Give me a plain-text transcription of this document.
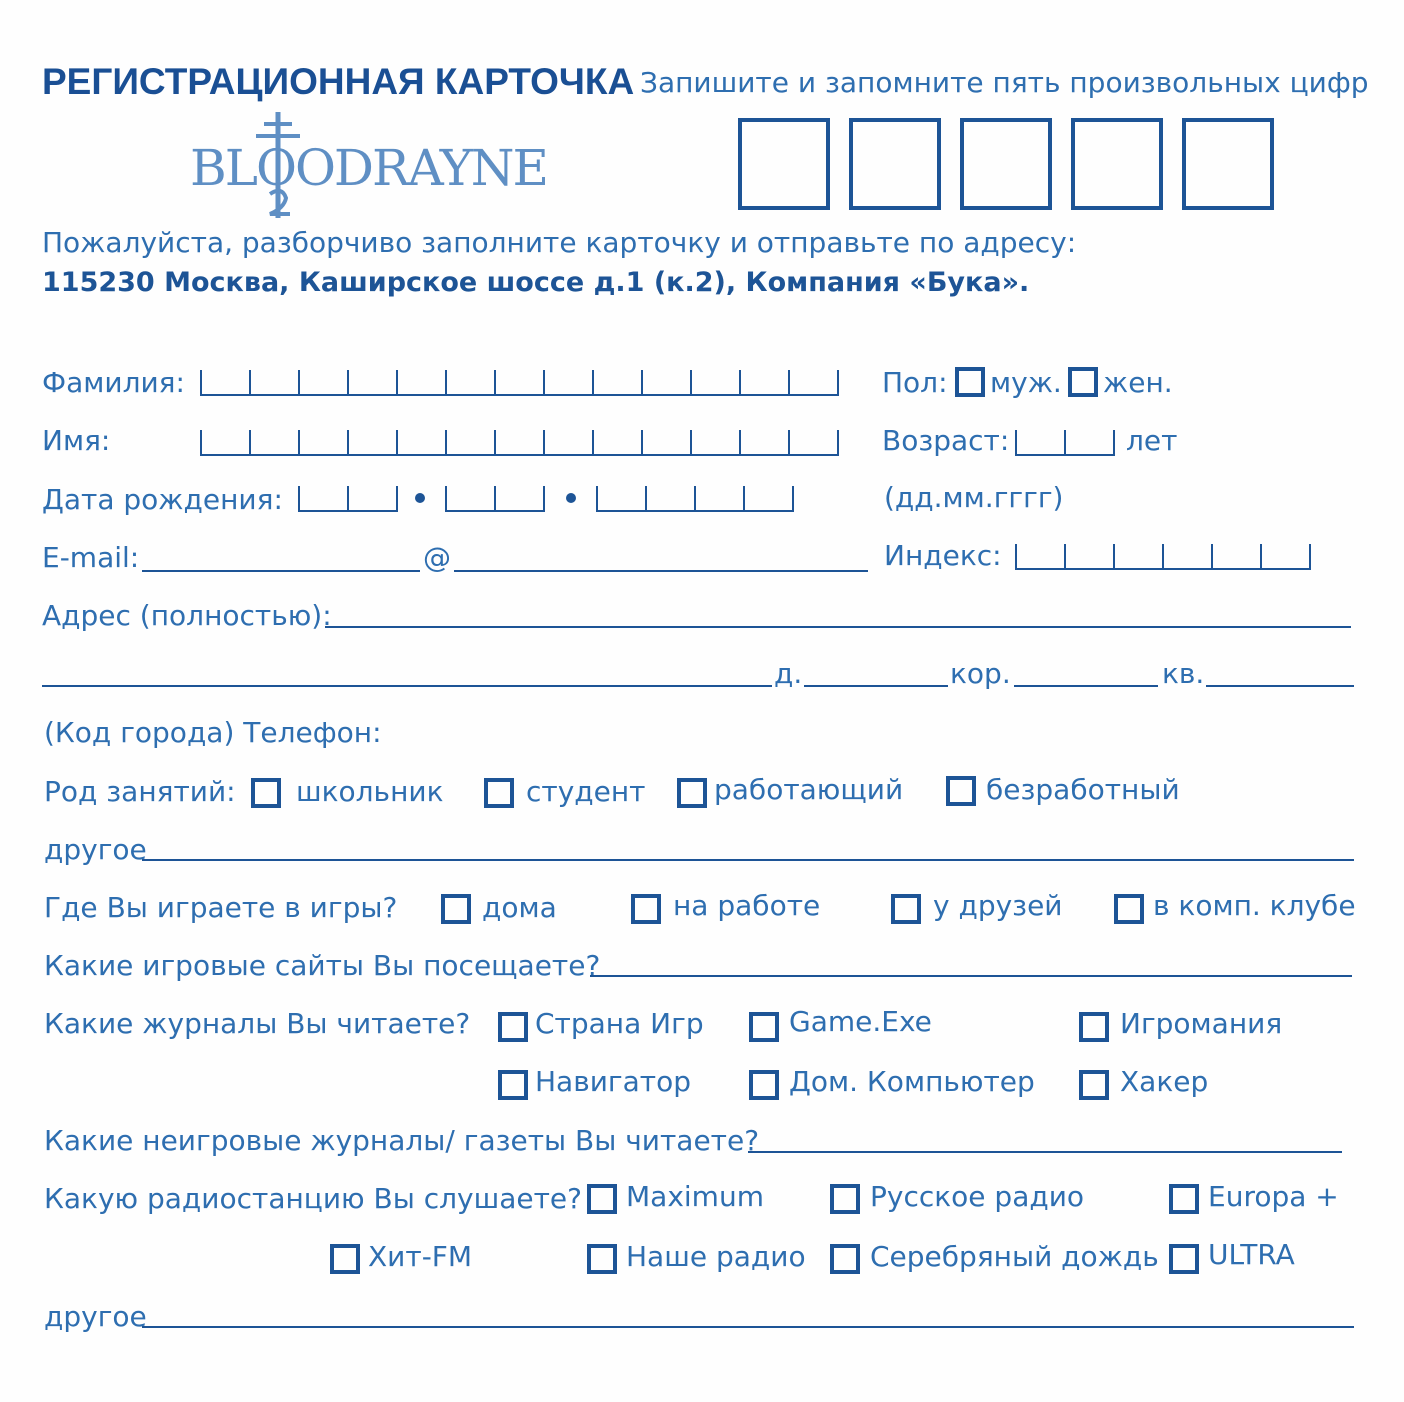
РЕГИСТРАЦИОННАЯ КАРТОЧКА Запишите и запомните пять произвольных цифр
BLOODRAYNE
Пожалуйста, разборчиво заполните карточку и отправьте по адресу:
115230 Москва, Каширское шоссе д.1 (к.2), Компания «Бука».
Фамилия:	Пол: муж. жен.
Имя:	Возраст:	лет
Дата рождения:	(дд.мм.гггг)
E-mail:	@	Индекс:
Адрес (полностью):
д.	кор.	кв.
(Код города) Телефон:
Род занятий: школьник	студент работающий	безработный
другое
Где Вы играете в игры?	дома	на работе	у друзей	в комп. клубе
Какие игровые сайты Вы посещаете?
Какие журналы Вы читаете? Страна Игр	Game.Exe	Игромания
Навигатор	Дом. Компьютер	Хакер
Какие неигровые журналы/ газеты Вы читаете?
Какую радиостанцию Вы слушаете? Maximum	Русское радио	Europa +
Хит-FM	Наше радио Серебряный дождь ULTRA
другое
